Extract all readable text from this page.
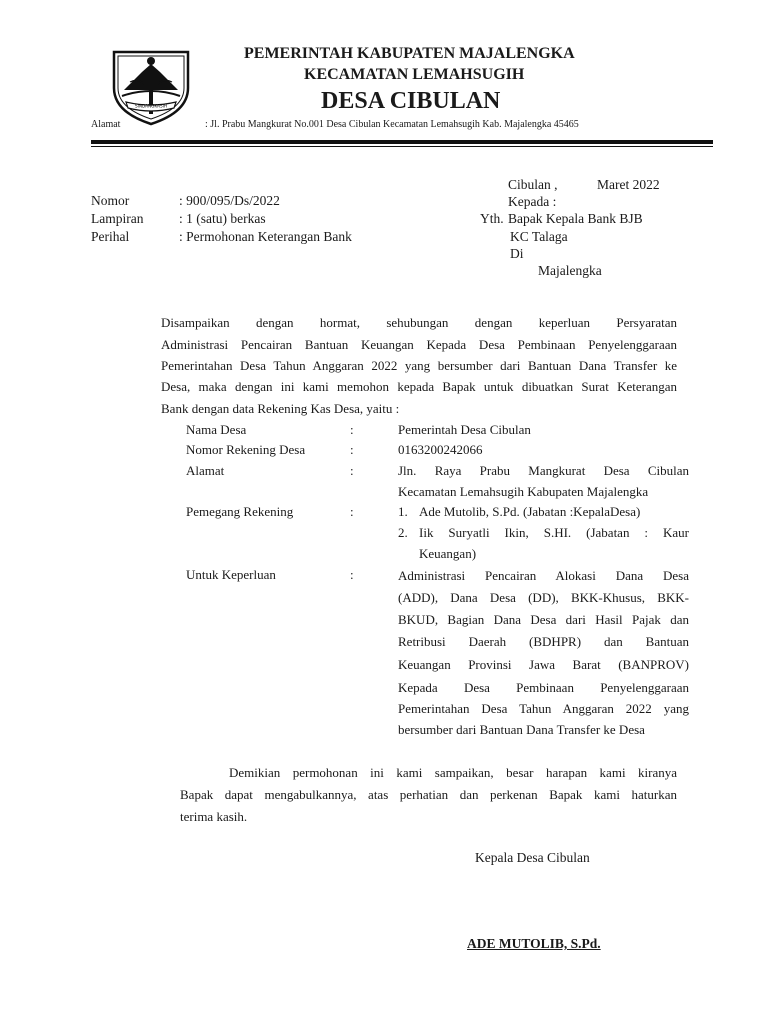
SINDANGKASIH
PEMERINTAH KABUPATEN MAJALENGKA
KECAMATAN LEMAHSUGIH
DESA CIBULAN
Alamat	: Jl. Prabu Mangkurat No.001 Desa Cibulan Kecamatan Lemahsugih Kab. Majalengka 45465
Nomor	: 900/095/Ds/2022
Lampiran	: 1 (satu) berkas
Perihal	: Permohonan Keterangan Bank
Cibulan ,	Maret 2022
Kepada :
Yth. Bapak Kepala Bank BJB
KC Talaga
Di
Majalengka
Disampaikan dengan hormat, sehubungan dengan keperluan Persyaratan
Administrasi Pencairan Bantuan Keuangan Kepada Desa Pembinaan Penyelenggaraan
Pemerintahan Desa Tahun Anggaran 2022 yang bersumber dari Bantuan Dana Transfer ke
Desa, maka dengan ini kami memohon kepada Bapak untuk dibuatkan Surat Keterangan
Bank dengan data Rekening Kas Desa, yaitu :
Nama Desa	:	Pemerintah Desa Cibulan
Nomor Rekening Desa	:	0163200242066
Alamat	:	Jln. Raya Prabu Mangkurat Desa Cibulan
Kecamatan Lemahsugih Kabupaten Majalengka
Pemegang Rekening	:	1. Ade Mutolib, S.Pd. (Jabatan :KepalaDesa)
2. Iik Suryatli Ikin, S.HI. (Jabatan : Kaur
Keuangan)
Untuk Keperluan	:	Administrasi Pencairan Alokasi Dana Desa
(ADD), Dana Desa (DD), BKK-Khusus, BKK-
BKUD, Bagian Dana Desa dari Hasil Pajak dan
Retribusi Daerah (BDHPR) dan Bantuan
Keuangan Provinsi Jawa Barat (BANPROV)
Kepada Desa Pembinaan Penyelenggaraan
Pemerintahan Desa Tahun Anggaran 2022 yang
bersumber dari Bantuan Dana Transfer ke Desa
Demikian permohonan ini kami sampaikan, besar harapan kami kiranya
Bapak dapat mengabulkannya, atas perhatian dan perkenan Bapak kami haturkan
terima kasih.
Kepala Desa Cibulan
ADE MUTOLIB, S.Pd.
